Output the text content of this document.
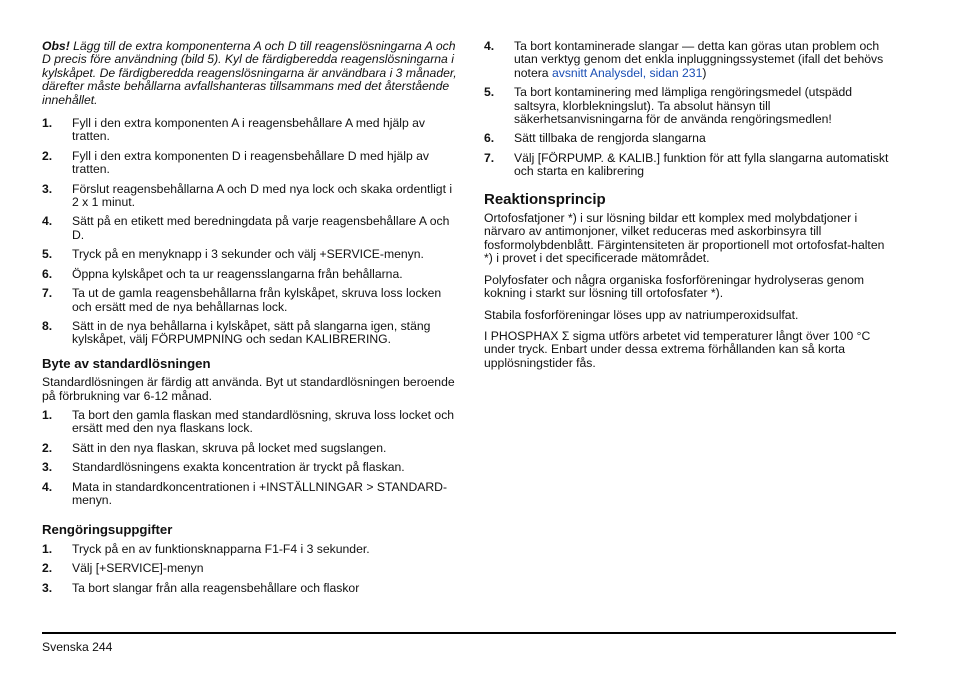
Obs! Lägg till de extra komponenterna A och D till reagenslösningarna A och D precis före användning (bild 5). Kyl de färdigberedda reagenslösningarna i kylskåpet. De färdigberedda reagenslösningarna är användbara i 3 månader, därefter måste behållarna avfallshanteras tillsammans med det återstående innehållet.

1. Fyll i den extra komponenten A i reagensbehållare A med hjälp av tratten.
2. Fyll i den extra komponenten D i reagensbehållare D med hjälp av tratten.
3. Förslut reagensbehållarna A och D med nya lock och skaka ordentligt i 2 x 1 minut.
4. Sätt på en etikett med beredningdata på varje reagensbehållare A och D.
5. Tryck på en menyknapp i 3 sekunder och välj +SERVICE-menyn.
6. Öppna kylskåpet och ta ur reagensslangarna från behållarna.
7. Ta ut de gamla reagensbehållarna från kylskåpet, skruva loss locken och ersätt med de nya behållarnas lock.
8. Sätt in de nya behållarna i kylskåpet, sätt på slangarna igen, stäng kylskåpet, välj FÖRPUMPNING och sedan KALIBRERING.
Byte av standardlösningen

Standardlösningen är färdig att använda. Byt ut standardlösningen beroende på förbrukning var 6-12 månad.

1. Ta bort den gamla flaskan med standardlösning, skruva loss locket och ersätt med den nya flaskans lock.
2. Sätt in den nya flaskan, skruva på locket med sugslangen.
3. Standardlösningens exakta koncentration är tryckt på flaskan.
4. Mata in standardkoncentrationen i +INSTÄLLNINGAR > STANDARD-menyn.
Rengöringsuppgifter
1. Tryck på en av funktionsknapparna F1-F4 i 3 sekunder.
2. Välj [+SERVICE]-menyn
3. Ta bort slangar från alla reagensbehållare och flaskor
4. Ta bort kontaminerade slangar — detta kan göras utan problem och utan verktyg genom det enkla inpluggningssystemet (ifall det behövs notera avsnitt Analysdel, sidan 231)
5. Ta bort kontaminering med lämpliga rengöringsmedel (utspädd saltsyra, klorblekningslut). Ta absolut hänsyn till säkerhetsanvisningarna för de använda rengöringsmedlen!
6. Sätt tillbaka de rengjorda slangarna
7. Välj [FÖRPUMP. & KALIB.] funktion för att fylla slangarna automatiskt och starta en kalibrering
Reaktionsprincip

Ortofosfatjoner *) i sur lösning bildar ett komplex med molybdatjoner i närvaro av antimonjoner, vilket reduceras med askorbinsyra till fosformolybdenblått. Färgintensiteten är proportionell mot ortofosfat-halten *) i provet i det specificerade mätområdet.

Polyfosfater och några organiska fosforföreningar hydrolyseras genom kokning i starkt sur lösning till ortofosfater *).

Stabila fosforföreningar löses upp av natriumperoxidsulfat.

I PHOSPHAX Σ sigma utförs arbetet vid temperaturer långt över 100 °C under tryck. Enbart under dessa extrema förhållanden kan så korta upplösningstider fås.

Svenska 244
